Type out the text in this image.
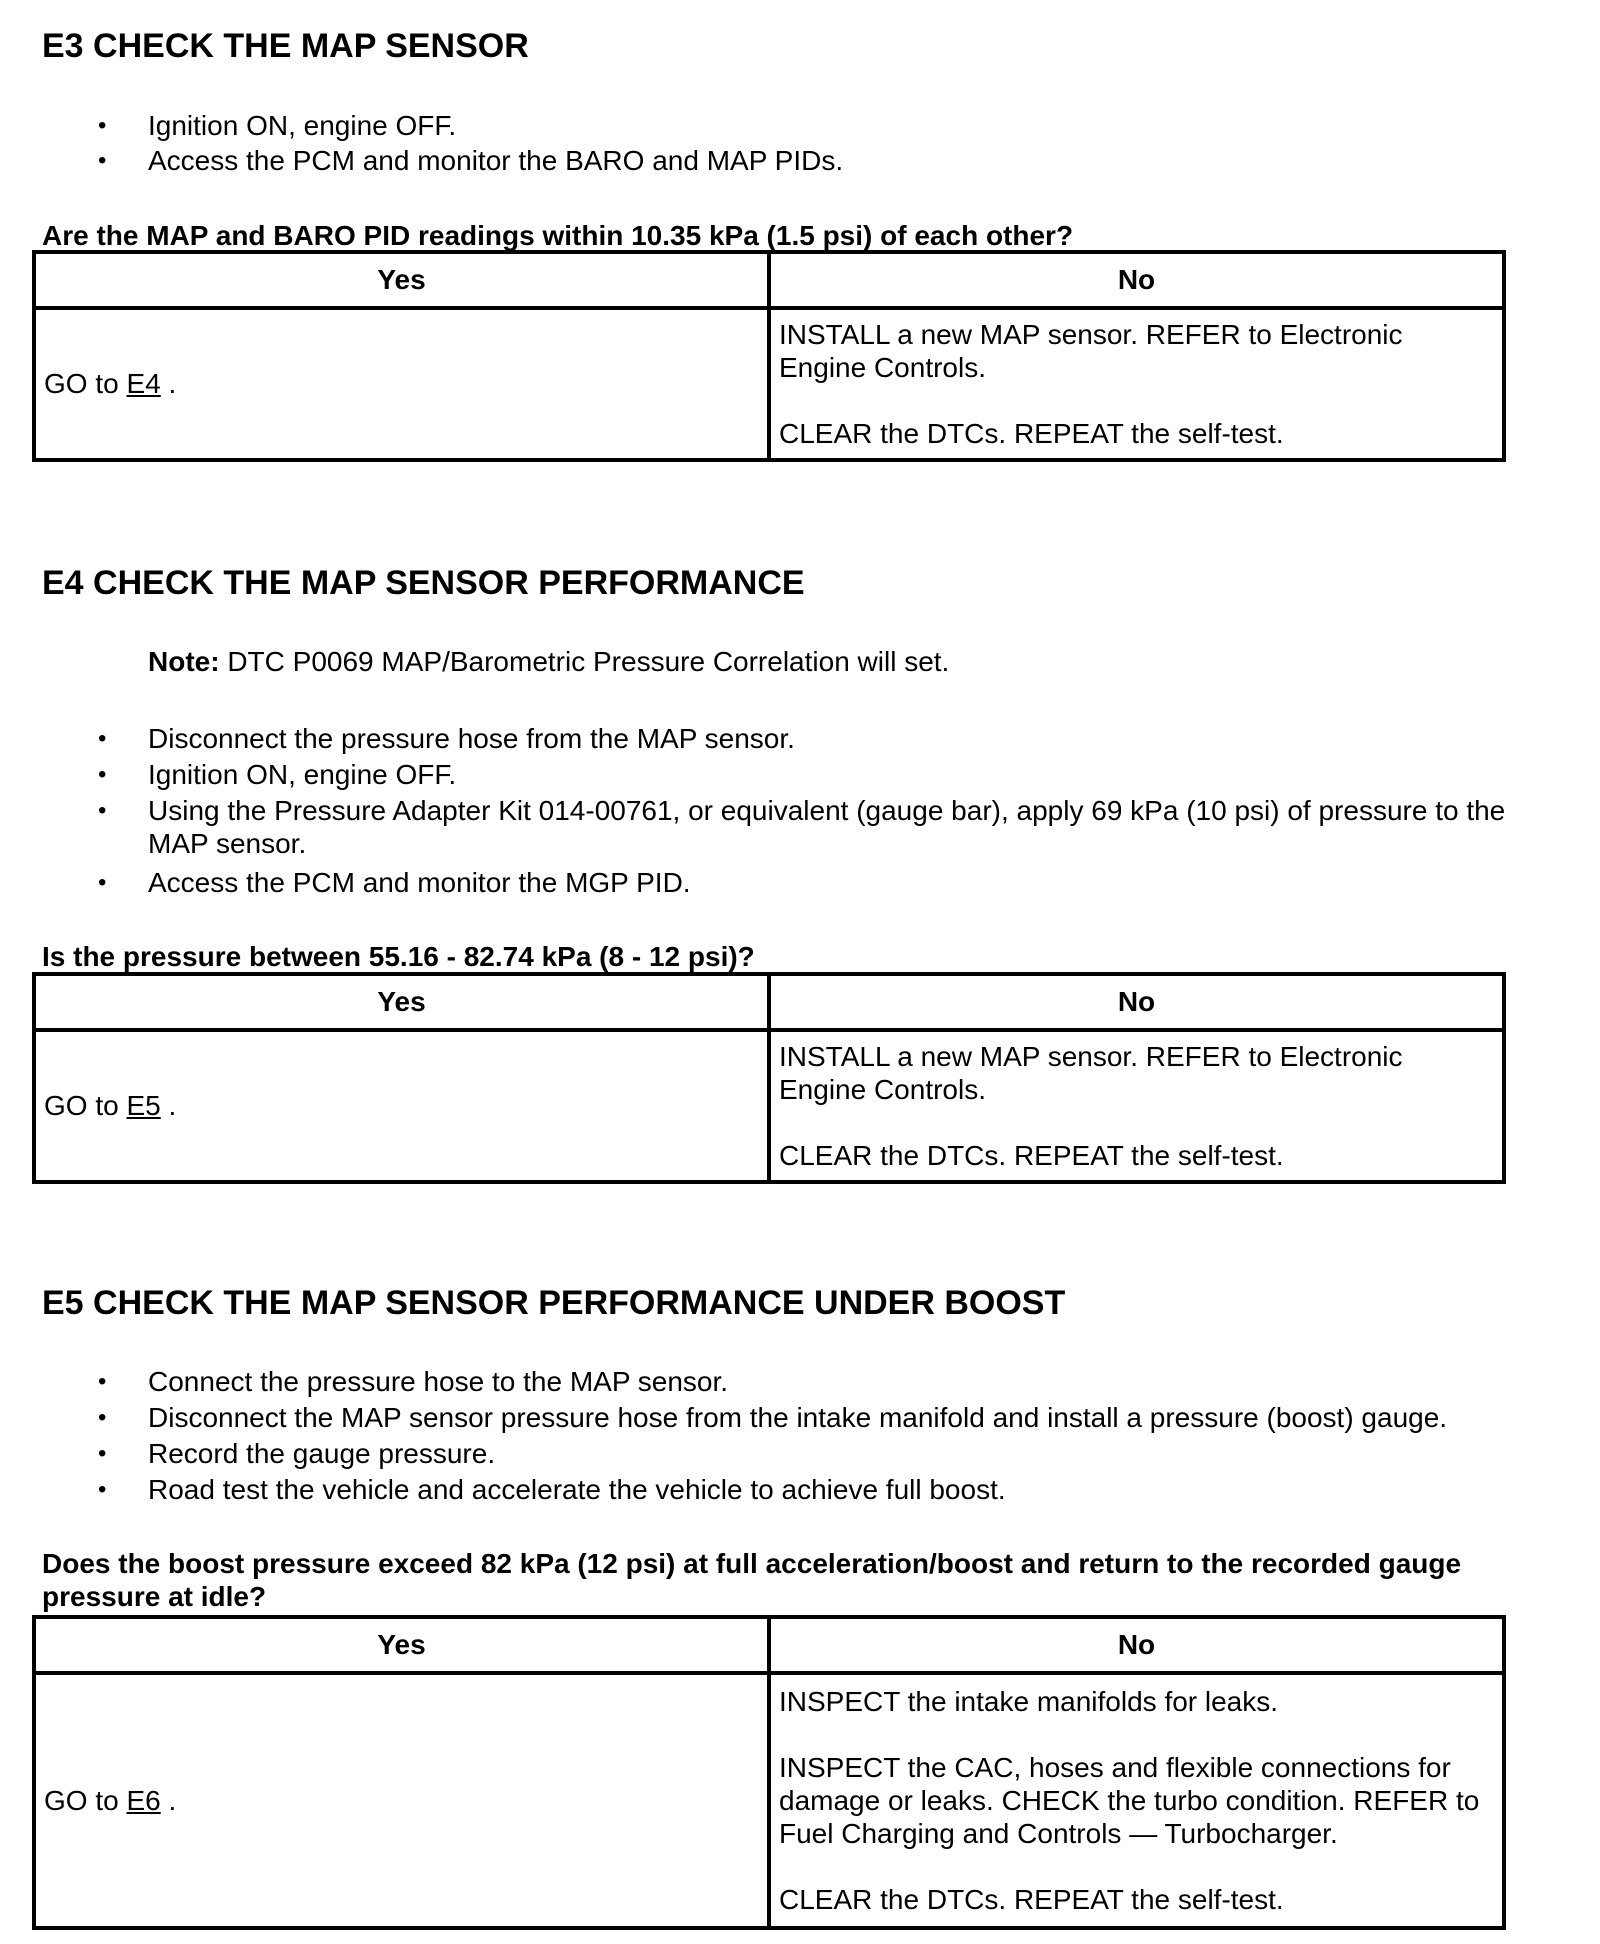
E3 CHECK THE MAP SENSOR
• Ignition ON, engine OFF.
• Access the PCM and monitor the BARO and MAP PIDs.

Are the MAP and BARO PID readings within 10.35 kPa (1.5 psi) of each other?

Yes	No
GO to E4 .	INSTALL a new MAP sensor. REFER to Electronic Engine Controls.

CLEAR the DTCs. REPEAT the self-test.

E4 CHECK THE MAP SENSOR PERFORMANCE
Note: DTC P0069 MAP/Barometric Pressure Correlation will set.
• Disconnect the pressure hose from the MAP sensor.
• Ignition ON, engine OFF.
• Using the Pressure Adapter Kit 014-00761, or equivalent (gauge bar), apply 69 kPa (10 psi) of pressure to the MAP sensor.
• Access the PCM and monitor the MGP PID.

Is the pressure between 55.16 - 82.74 kPa (8 - 12 psi)?

Yes	No
GO to E5 .	INSTALL a new MAP sensor. REFER to Electronic Engine Controls.

CLEAR the DTCs. REPEAT the self-test.

E5 CHECK THE MAP SENSOR PERFORMANCE UNDER BOOST
• Connect the pressure hose to the MAP sensor.
• Disconnect the MAP sensor pressure hose from the intake manifold and install a pressure (boost) gauge.
• Record the gauge pressure.
• Road test the vehicle and accelerate the vehicle to achieve full boost.

Does the boost pressure exceed 82 kPa (12 psi) at full acceleration/boost and return to the recorded gauge pressure at idle?

Yes	No
GO to E6 .	INSPECT the intake manifolds for leaks.

INSPECT the CAC, hoses and flexible connections for damage or leaks. CHECK the turbo condition. REFER to Fuel Charging and Controls — Turbocharger.

CLEAR the DTCs. REPEAT the self-test.
